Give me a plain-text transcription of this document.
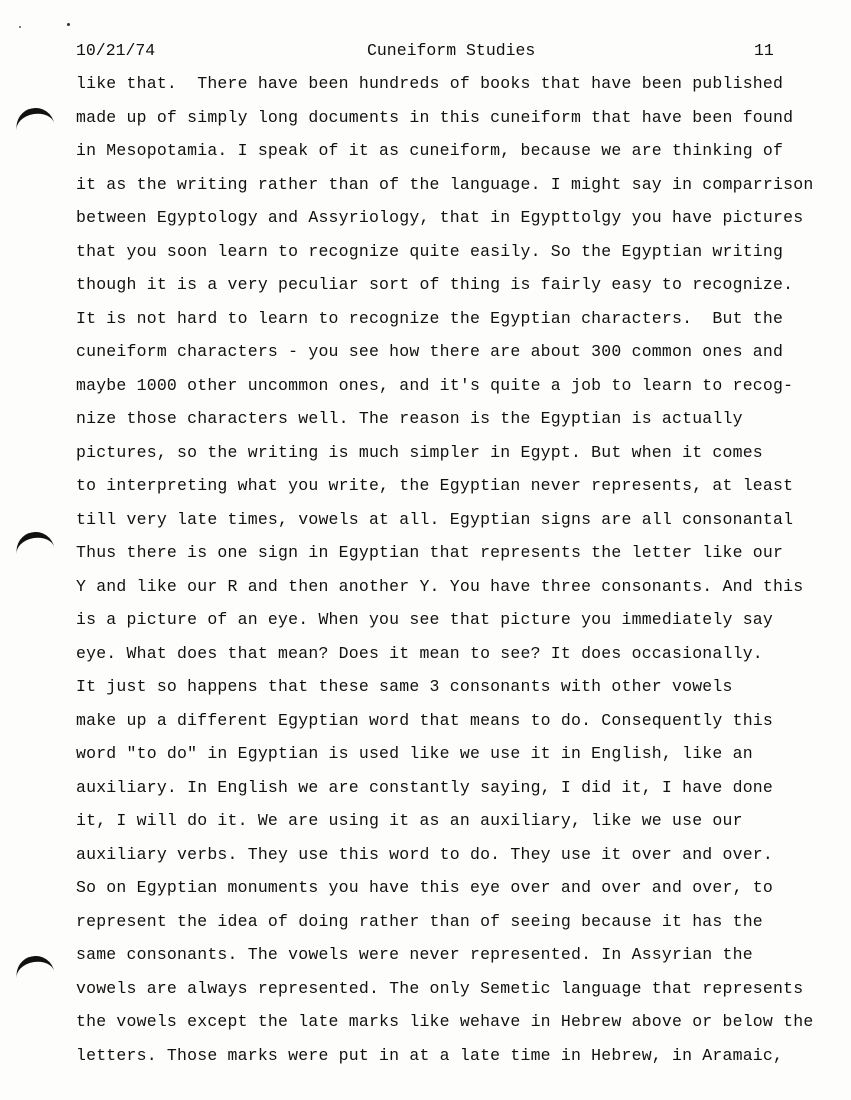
10/21/74	Cuneiform Studies	11
like that.  There have been hundreds of books that have been published
made up of simply long documents in this cuneiform that have been found
in Mesopotamia. I speak of it as cuneiform, because we are thinking of
it as the writing rather than of the language. I might say in comparrison
between Egyptology and Assyriology, that in Egypttolgy you have pictures
that you soon learn to recognize quite easily. So the Egyptian writing
though it is a very peculiar sort of thing is fairly easy to recognize.
It is not hard to learn to recognize the Egyptian characters.  But the
cuneiform characters - you see how there are about 300 common ones and
maybe 1000 other uncommon ones, and it's quite a job to learn to recog-
nize those characters well. The reason is the Egyptian is actually
pictures, so the writing is much simpler in Egypt. But when it comes
to interpreting what you write, the Egyptian never represents, at least
till very late times, vowels at all. Egyptian signs are all consonantal
Thus there is one sign in Egyptian that represents the letter like our
Y and like our R and then another Y. You have three consonants. And this
is a picture of an eye. When you see that picture you immediately say
eye. What does that mean? Does it mean to see? It does occasionally.
It just so happens that these same 3 consonants with other vowels
make up a different Egyptian word that means to do. Consequently this
word "to do" in Egyptian is used like we use it in English, like an
auxiliary. In English we are constantly saying, I did it, I have done
it, I will do it. We are using it as an auxiliary, like we use our
auxiliary verbs. They use this word to do. They use it over and over.
So on Egyptian monuments you have this eye over and over and over, to
represent the idea of doing rather than of seeing because it has the
same consonants. The vowels were never represented. In Assyrian the
vowels are always represented. The only Semetic language that represents
the vowels except the late marks like wehave in Hebrew above or below the
letters. Those marks were put in at a late time in Hebrew, in Aramaic,
